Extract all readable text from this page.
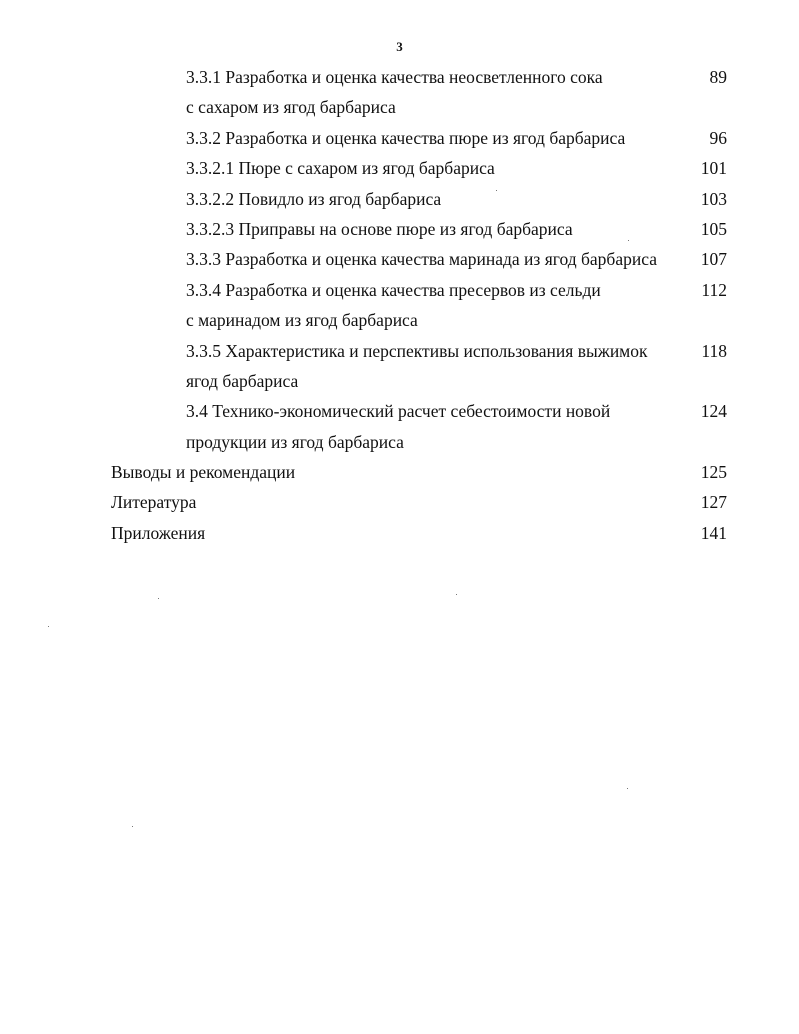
3
3.3.1 Разработка и оценка качества неосветленного сока	89
с сахаром из ягод барбариса
3.3.2 Разработка и оценка качества пюре из ягод барбариса	96
3.3.2.1 Пюре с сахаром из ягод барбариса	101
3.3.2.2 Повидло из ягод барбариса	103
3.3.2.3 Приправы на основе пюре из ягод барбариса	105
3.3.3 Разработка и оценка качества маринада из ягод барбариса	107
3.3.4 Разработка и оценка качества пресервов из сельди	112
с маринадом из ягод барбариса
3.3.5 Характеристика и перспективы использования выжимок	118
ягод барбариса
3.4 Технико-экономический расчет себестоимости новой	124
продукции из ягод барбариса
Выводы и рекомендации	125
Литература	127
Приложения	141
